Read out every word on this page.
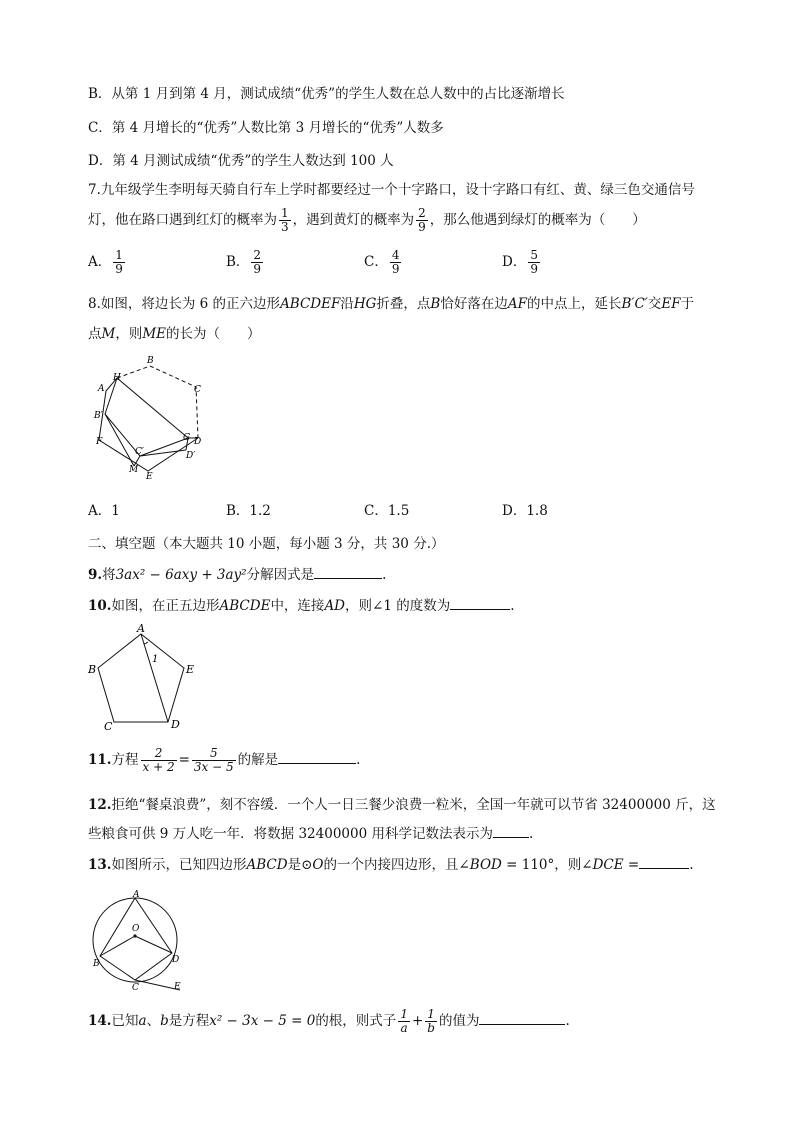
B．从第 1 月到第 4 月，测试成绩“优秀”的学生人数在总人数中的占比逐渐增长
C．第 4 月增长的“优秀”人数比第 3 月增长的“优秀”人数多
D．第 4 月测试成绩“优秀”的学生人数达到 100 人
7.九年级学生李明每天骑自行车上学时都要经过一个十字路口，设十字路口有红、黄、绿三色交通信号
灯，他在路口遇到红灯的概率为 $\frac{1}{3}$ ，遇到黄灯的概率为 $\frac{2}{9}$ ，那么他遇到绿灯的概率为（　　）
A． $\frac{1}{9}$	B． $\frac{2}{9}$	C． $\frac{4}{9}$	D． $\frac{5}{9}$
8.如图，将边长为 6 的正六边形ABCDEF沿HG折叠，点B恰好落在边AF的中点上，延长B′C′交EF于
点M，则ME的长为（　　）
B
H
A	C
B′
F	G D
C′	D′
M
E
A．1	B．1.2	C．1.5	D．1.8
二、填空题（本大题共 10 小题，每小题 3 分，共 30 分.）
9.将3ax² − 6axy + 3ay²分解因式是	.
10.如图，在正五边形ABCDE中，连接AD，则∠1 的度数为	.
A
B	E
C	D
1
11.方程 $\frac{2}{x + 2} = \frac{5}{3x - 5}$ 的解是	.
12.拒绝“餐桌浪费”，刻不容缓．一个人一日三餐少浪费一粒米，全国一年就可以节省 32400000 斤，这
些粮食可供 9 万人吃一年．将数据 32400000 用科学记数法表示为	.
13.如图所示，已知四边形ABCD是⊙O的一个内接四边形，且∠BOD = 110°，则∠DCE =	.
A
O
B	D
C	E
14.已知a、b是方程x² − 3x − 5 = 0的根，则式子 $\frac{1}{a} + \frac{1}{b}$ 的值为	.
